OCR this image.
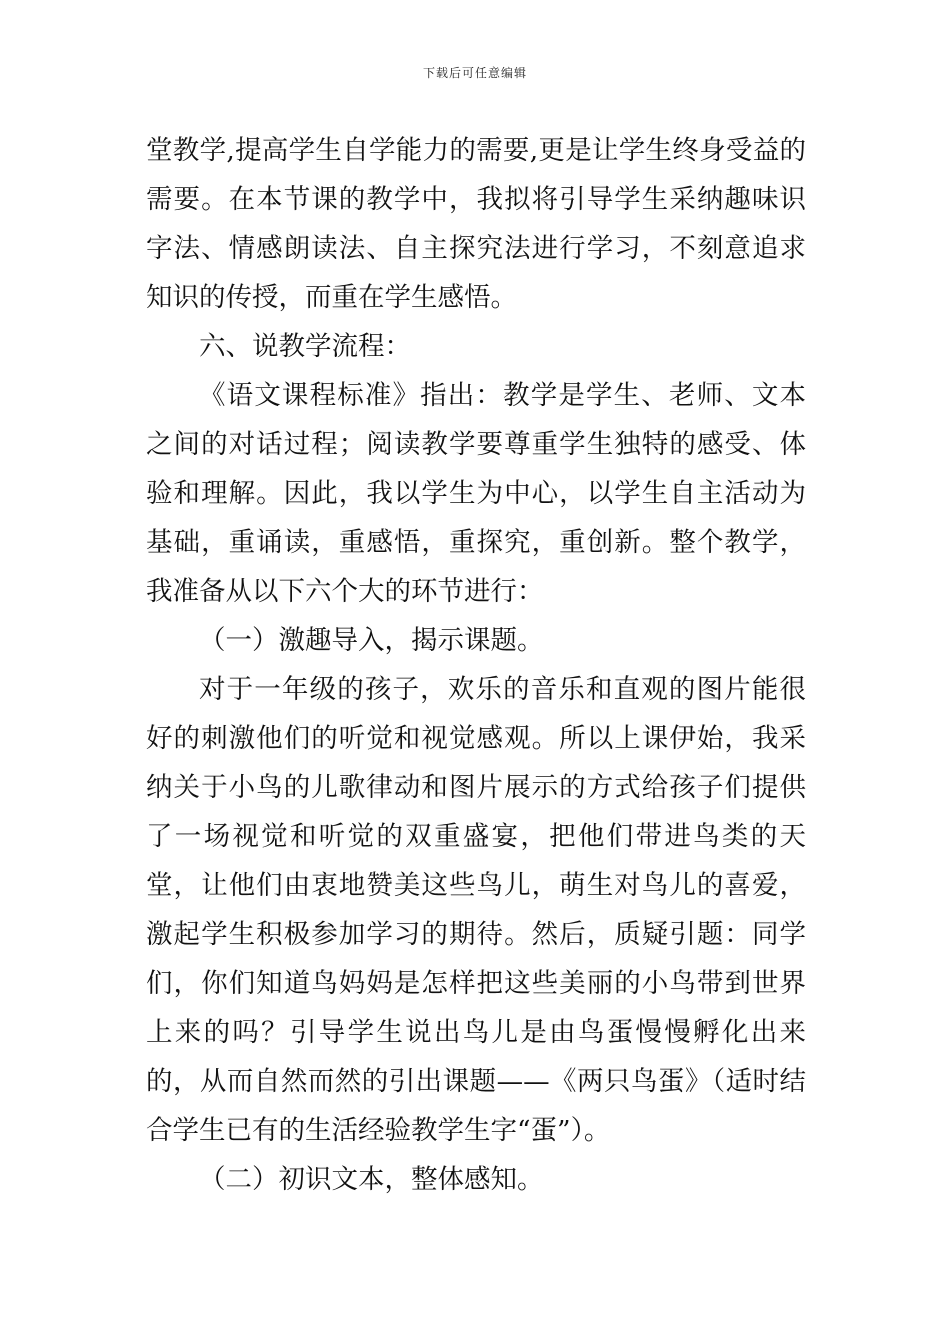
下载后可任意编辑

堂教学,提高学生自学能力的需要,更是让学生终身受益的需要。在本节课的教学中，我拟将引导学生采纳趣味识字法、情感朗读法、自主探究法进行学习，不刻意追求知识的传授，而重在学生感悟。

六、说教学流程：

《语文课程标准》指出：教学是学生、老师、文本之间的对话过程；阅读教学要尊重学生独特的感受、体验和理解。因此，我以学生为中心，以学生自主活动为基础，重诵读，重感悟，重探究，重创新。整个教学，我准备从以下六个大的环节进行：

（一）激趣导入，揭示课题。

对于一年级的孩子，欢乐的音乐和直观的图片能很好的刺激他们的听觉和视觉感观。所以上课伊始，我采纳关于小鸟的儿歌律动和图片展示的方式给孩子们提供了一场视觉和听觉的双重盛宴，把他们带进鸟类的天堂，让他们由衷地赞美这些鸟儿，萌生对鸟儿的喜爱，激起学生积极参加学习的期待。然后，质疑引题：同学们，你们知道鸟妈妈是怎样把这些美丽的小鸟带到世界上来的吗？引导学生说出鸟儿是由鸟蛋慢慢孵化出来的，从而自然而然的引出课题——《两只鸟蛋》（适时结合学生已有的生活经验教学生字“蛋”）。

（二）初识文本，整体感知。
